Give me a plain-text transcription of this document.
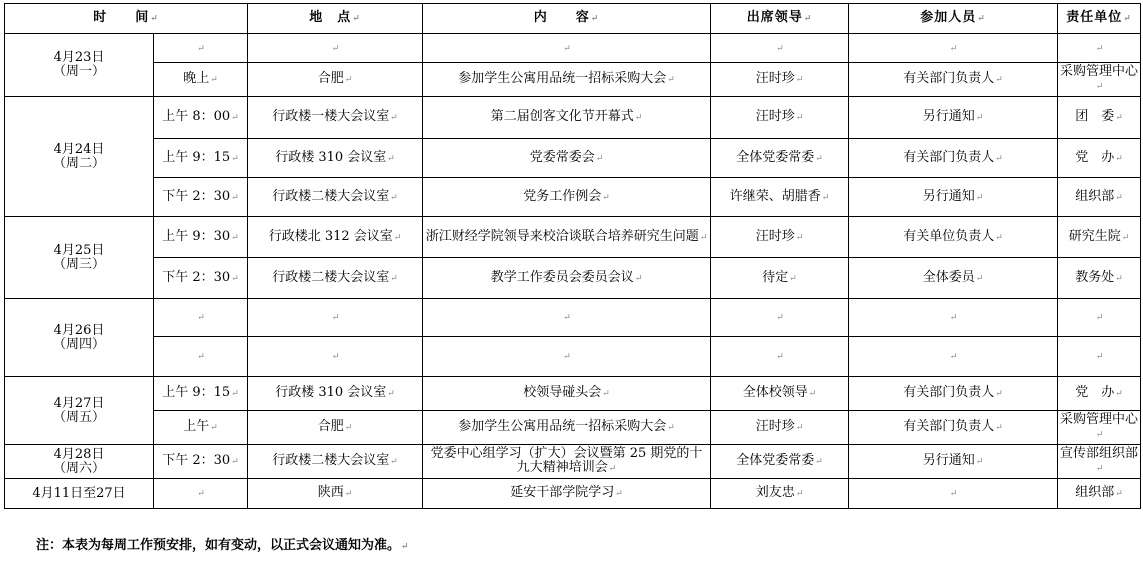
时　　间↵		地　点↵	内　　容↵	出席领导↵	参加人员↵	责任单位↵

4月23日
（周一）	↵	↵	↵	↵	↵	↵
	晚上↵	合肥↵	参加学生公寓用品统一招标采购大会↵	汪时珍↵	有关部门负责人↵	采购管理中心↵

4月24日
（周二）	上午 8：00↵	行政楼一楼大会议室↵	第二届创客文化节开幕式↵	汪时珍↵	另行通知↵	团　委↵
	上午 9：15↵	行政楼 310 会议室↵	党委常委会↵	全体党委常委↵	有关部门负责人↵	党　办↵
	下午 2：30↵	行政楼二楼大会议室↵	党务工作例会↵	许继荣、胡腊香↵	另行通知↵	组织部↵

4月25日
（周三）	上午 9：30↵	行政楼北 312 会议室↵	浙江财经学院领导来校洽谈联合培养研究生问题↵	汪时珍↵	有关单位负责人↵	研究生院↵
	下午 2：30↵	行政楼二楼大会议室↵	教学工作委员会委员会议↵	待定↵	全体委员↵	教务处↵

4月26日
（周四）	↵	↵	↵	↵	↵	↵
	↵	↵	↵	↵	↵	↵

4月27日
（周五）	上午 9：15↵	行政楼 310 会议室↵	校领导碰头会↵	全体校领导↵	有关部门负责人↵	党　办↵
	上午↵	合肥↵	参加学生公寓用品统一招标采购大会↵	汪时珍↵	有关部门负责人↵	采购管理中心↵

4月28日
（周六）	下午 2：30↵	行政楼二楼大会议室↵	党委中心组学习（扩大）会议暨第 25 期党的十九大精神培训会↵	全体党委常委↵	另行通知↵	宣传部组织部↵

4月11日至27日	↵	陕西↵	延安干部学院学习↵	刘友忠↵	↵	组织部↵
注：本表为每周工作预安排，如有变动，以正式会议通知为准。↵
